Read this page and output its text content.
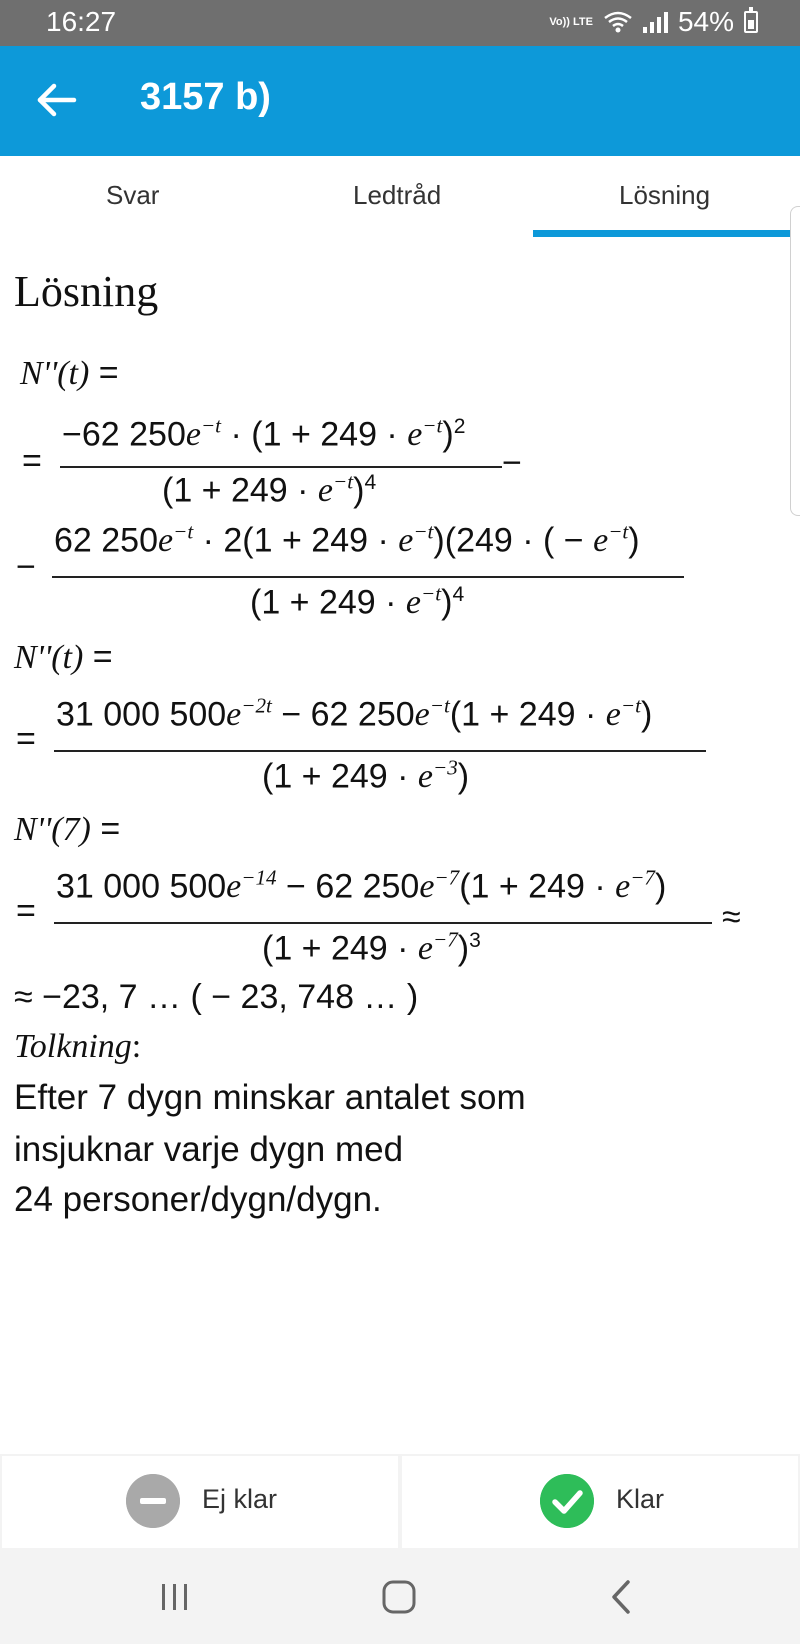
16:27	Vo)) LTE	54%
3157 b)
Svar	Ledtråd	Lösning
Lösning
N''(t) =
=
−62 $250e^{-t} \cdot (1 + 249 \cdot e^{-t})^2$
−
$(1 + 249 \cdot e^{-t})^4$
−
62 $250e^{-t} \cdot 2(1 + 249 \cdot e^{-t})(249$ · ( − $e^{-t}$)
$(1 + 249 \cdot e^{-t})^4$
N''(t) =
=
31 000 $500e^{-2t} - 62$ $250e^{-t}(1 + 249 \cdot e^{-t})$
$(1 + 249 \cdot e^{-3})$
N''(7) =
=
31 000 $500e^{-14} - 62$ $250e^{-7}(1 + 249 \cdot e^{-7})$
≈
$(1 + 249 \cdot e^{-7})^3$
≈ −23, 7 … ( − 23, 748 … )
Tolkning:
Efter 7 dygn minskar antalet som
insjuknar varje dygn med
24 personer/dygn/dygn.
Ej klar	Klar
